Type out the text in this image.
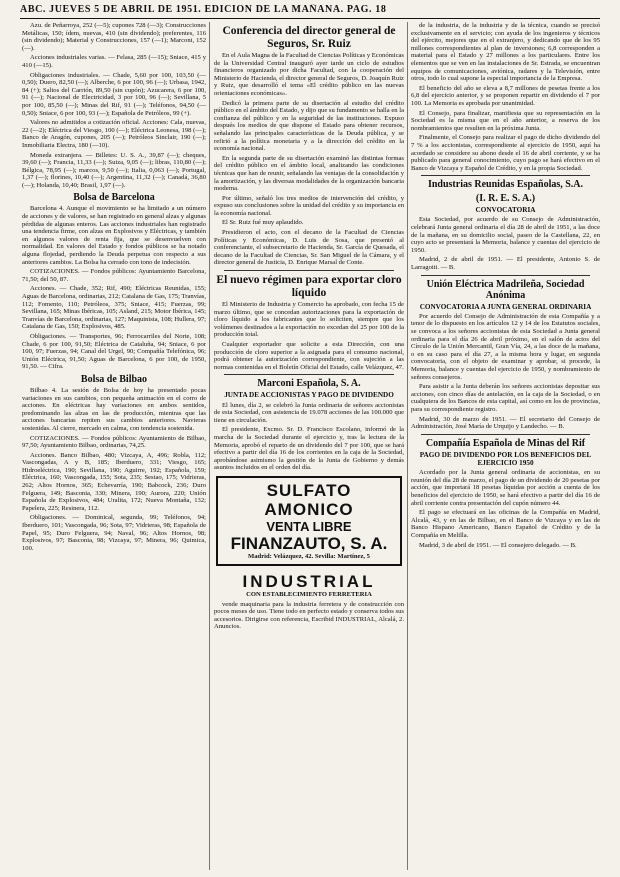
ABC. JUEVES 5 DE ABRIL DE 1951. EDICION DE LA MAÑANA. PAG. 18

Azu. de Peñarroya, 252 (—5); cupones 728 (—3); Construcciones Metálicas, 150; ídem, nuevas, 410 (sin dividendo); preferentes, 116 (sin dividendo); Material y Construcciones, 157 (—1); Marconi, 152 (—).

Acciones industriales varias. — Felasa, 285 (—15); Sniace, 415 y 410 (—15).

Obligaciones industriales. — Chade, 5,60 por 100, 103,50 (—0,50); Duero, 82,50 (—); Alberche, 6 por 100, 96 (—); Urbasa, 1942, 84 (+); Saltos del Carrión, 89,50 (sin cupón); Azucarera, 6 por 100, 91 (—); Nacional de Electricidad, 3 por 100, 96 (—); Sevillana, 5 por 100, 85,50 (—); Minas del Rif, 91 (—); Teléfonos, 94,50 (—0,50); Sniace, 6 por 100, 93 (—); Española de Petróleos, 99 (+).

Valores no admitidos a cotización oficial. Acciones: Cala, nuevas, 22 (—2); Eléctrica del Viesgo, 100 (—); Eléctrica Leonesa, 198 (—); Banco de Aragón, cupones, 205 (—); Petróleos Sinclair, 190 (—); Inmobiliaria Electra, 180 (—10).

Moneda extranjera. — Billetes: U. S. A., 39,87 (—); cheques, 39,60 (—); Francia, 11,33 (—); Suiza, 9,05 (—); libras, 110,80 (—); Bélgica, 78,95 (—); marcos, 9,50 (—); Italia, 0,063 (—); Portugal, 1,37 (—); florines, 10,40 (—); Argentina, 11,32 (—); Canadá, 36,80 (—); Holanda, 10,40; Brasil, 1,97 (—).

Bolsa de Barcelona

Barcelona 4. Aunque el movimiento se ha limitado a un número de acciones y de valores, se han registrado en general alzas y algunas pérdidas de algunas enteros. Las acciones industriales han registrado una tendencia firme, con alzas en Explosivos y Eléctricas, y también en algunos valores de renta fija, que se desenvuelven con normalidad. En valores del Estado y fondos públicos se ha notado alguna flojedad, perdiendo la Deuda perpetua con respecto a sus anteriores cambios. La Bolsa ha cerrado con tono de indecisión.

COTIZACIONES. — Fondos públicos: Ayuntamiento Barcelona, 71,50; del 50, 87.

Acciones. — Chade, 352; Rif, 490; Eléctricas Reunidas, 155; Aguas de Barcelona, ordinarias, 212; Catalana de Gas, 175; Tranvías, 112; Fomento, 110; Petróleos, 375; Sniace, 415; Fuerzas, 99; Sevillana, 165; Minas Ibéricas, 105; Asland, 215; Motor Ibérica, 145; Tranvías de Barcelona, ordinarias, 127; Maquinista, 108; Hullera, 97; Catalana de Gas, 150; Explosivos, 485.

Obligaciones. — Transportes, 96; Ferrocarriles del Norte, 108; Chade, 6 por 100, 91,50; Eléctrica de Cataluña, 94; Sniace, 6 por 100, 97; Fuerzas, 94; Canal del Urgel, 90; Compañía Telefónica, 96; Unión Eléctrica, 91,50; Aguas de Barcelona, 6 por 100, de 1950, 91,50. — Cifra.

Bolsa de Bilbao

Bilbao 4. La sesión de Bolsa de hoy ha presentado pocas variaciones en sus cambios, con pequeña animación en el corro de acciones. En eléctricas hay variaciones en ambos sentidos, predominando las alzas en las de producción, mientras que las acciones bancarias repiten sus cambios anteriores. Navieras sostenidas. Al cierre, mercado en calma, con tendencia sostenida.

COTIZACIONES. — Fondos públicos: Ayuntamiento de Bilbao, 97,50; Ayuntamiento Bilbao, ordinarias, 74,25.

Acciones. Banco Bilbao, 480; Vizcaya, A, 496; Robla, 112; Vascongadas, A y B, 185; Iberduero, 331; Viesgo, 165; Hidroeléctrica, 190; Sevillana, 190; Aguirre, 192; Española, 159; Eléctrica, 160; Vascongada, 155; Sota, 235; Sestao, 175; Vidrieras, 262; Altos Hornos, 365; Echevarría, 190; Babcock, 236; Duro Felguera, 149; Basconia, 330; Minera, 190; Aurora, 220; Unión Española de Explosivos, 484; Uralita, 172; Nueva Montaña, 132; Papelera, 225; Resinera, 112.

Obligaciones. — Dominical, segunda, 99; Teléfonos, 94; Iberduero, 101; Vascongada, 96; Sota, 97; Vidrieras, 98; Española de Papel, 95; Duro Felguera, 94; Naval, 96; Altos Hornos, 98; Explosivos, 97; Basconia, 98; Vizcaya, 97; Minera, 96; Quimica, 100.

Conferencia del director general de Seguros, Sr. Ruiz

En el Aula Magna de la Facultad de Ciencias Políticas y Económicas de la Universidad Central inauguró ayer tarde un ciclo de estudios financieros organizado por dicha Facultad, con la cooperación del Ministerio de Hacienda, el director general de Seguros, D. Joaquín Ruiz y Ruiz, que desarrolló el tema «El crédito público en las nuevas orientaciones económicas».

Dedicó la primera parte de su disertación al estudio del crédito público en el ámbito del Estado, y dijo que su fundamento se halla en la confianza del público y en la seguridad de las instituciones. Expuso después los medios de que dispone el Estado para obtener recursos, señalando las principales características de la Deuda pública, y se refirió a la política monetaria y a la dirección del crédito en la economía nacional.

En la segunda parte de su disertación examinó las distintas formas del crédito público en el ámbito local, analizando las condiciones técnicas que han de reunir, señalando las ventajas de la consolidación y la amortización, y las diversas modalidades de la organización bancaria moderna.

Por último, señaló los tres medios de intervención del crédito, y expuso sus conclusiones sobre la unidad del crédito y su importancia en la economía nacional.

El Sr. Ruiz fué muy aplaudido.

Presidieron el acto, con el decano de la Facultad de Ciencias Políticas y Económicas, D. Luis de Sosa, que presentó al conferenciante, el subsecretario de Hacienda, Sr. García de Quesada, el decano de la Facultad de Ciencias, Sr. San Miguel de la Cámara, y el director general de Justicia, D. Enrique Marsal de Conte.

El nuevo régimen para exportar cloro líquido

El Ministerio de Industria y Comercio ha aprobado, con fecha 15 de marzo último, que se concedan autorizaciones para la exportación de cloro líquido a los fabricantes que lo soliciten, siempre que los volúmenes destinados a la exportación no excedan del 25 por 100 de la producción total.

Cualquier exportador que solicite a esta Dirección, con una producción de cloro superior a la asignada para el consumo nacional, podrá obtener la autorización correspondiente, con sujeción a las normas contenidas en el Boletín Oficial del Estado, calle Velázquez, 47.

Marconi Española, S. A.
JUNTA DE ACCIONISTAS Y PAGO DE DIVIDENDO

El lunes, día 2, se celebró la Junta ordinaria de señores accionistas de esta Sociedad, con asistencia de 19.078 acciones de las 100.000 que tiene en circulación.

El presidente, Excmo. Sr. D. Francisco Escolano, informó de la marcha de la Sociedad durante el ejercicio y, tras la lectura de la Memoria, aprobó el reparto de un dividendo del 7 por 100, que se hará efectivo a partir del día 16 de los corrientes en la caja de la Sociedad, aprobándose asimismo la gestión de la Junta de Gobierno y demás asuntos incluidos en el orden del día.

SULFATO AMONICO
VENTA LIBRE
FINANZAUTO, S. A.
Madrid: Velázquez, 42. Sevilla: Martínez, 5
INDUSTRIAL
CON ESTABLECIMIENTO FERRETERIA

vende maquinaria para la industria ferretera y de construcción con pocos meses de uso. Tiene todo en perfecto estado y conserva todos sus accesorios. Dirigirse con referencia, Escribid INDUSTRIAL, Alcalá, 2. Anuncios.

de la industria, de la industria y de la técnica, cuando se precisó exclusivamente en el servicio; con ayuda de los ingenieros y técnicos del ejército, mejores que en el extranjero, y dedicando que de los 95 millones correspondientes al plan de inversiones; 6,8 corresponden a material para el Estado y 27 millones a los particulares. Entre los elementos que se ven en las instalaciones de Sr. Estrada, se encuentran equipos de comunicaciones, aviónica, radares y la Televisión, entre otros, todo lo cual supone la especial importancia de la Empresa.

El beneficio del año se eleva a 8,7 millones de pesetas frente a los 6,8 del ejercicio anterior, y se proponen repartir en dividendo el 7 por 100. La Memoria es aprobada por unanimidad.

El Consejo, para finalizar, manifiesta que su representación en la Sociedad es la misma que en el año anterior, a reserva de los nombramientos que resulten en la próxima Junta.

Finalmente, el Consejo para realizar el pago de dicho dividendo del 7 % a los accionistas, correspondiente al ejercicio de 1950, aquí ha acordado se considere su abono desde el 16 de abril corriente, y se ha publicado para general conocimiento, cuyo pago se hará efectivo en el Banco de Vizcaya y Español de Crédito, y en la propia Sociedad.

Industrias Reunidas Españolas, S.A.
(I. R. E. S. A.)
CONVOCATORIA

Esta Sociedad, por acuerdo de su Consejo de Administración, celebrará Junta general ordinaria el día 28 de abril de 1951, a las doce de la mañana, en su domicilio social, paseo de la Castellana, 22, en cuyo acto se presentará la Memoria, balance y cuentas del ejercicio de 1950.

Madrid, 2 de abril de 1951. — El presidente, Antonio S. de Larragoiti. — B.

Unión Eléctrica Madrileña, Sociedad Anónima
CONVOCATORIA A JUNTA GENERAL ORDINARIA

Por acuerdo del Consejo de Administración de esta Compañía y a tenor de lo dispuesto en los artículos 12 y 14 de los Estatutos sociales, se convoca a los señores accionistas de esta Sociedad a Junta general ordinaria para el día 26 de abril próximo, en el salón de actos del Círculo de la Unión Mercantil, Gran Vía, 24, a las doce de la mañana, o en su caso para el día 27, a la misma hora y lugar, en segunda convocatoria, con el objeto de examinar y aprobar, si procede, la Memoria, balance y cuentas del ejercicio de 1950, y nombramiento de señores consejeros.

Para asistir a la Junta deberán los señores accionistas depositar sus acciones, con cinco días de antelación, en la caja de la Sociedad, o en cualquiera de los Bancos de esta capital, así como en los de provincias, para su correspondiente registro.

Madrid, 30 de marzo de 1951. — El secretario del Consejo de Administración, José María de Urquijo y Landecho. — B.

Compañía Española de Minas del Rif
PAGO DE DIVIDENDO POR LOS BENEFICIOS DEL EJERCICIO 1950

Acordado por la Junta general ordinaria de accionistas, en su reunión del día 28 de marzo, el pago de un dividendo de 20 pesetas por acción, que importará 18 pesetas líquidas por acción a cuenta de los beneficios del ejercicio de 1950, se hará efectivo a partir del día 16 de abril corriente contra presentación del cupón número 44.

El pago se efectuará en las oficinas de la Compañía en Madrid, Alcalá, 43, y en las de Bilbao, en el Banco de Vizcaya y en las de Banco Hispano Americano, Banco Español de Crédito y de la Compañía en Melilla.

Madrid, 3 de abril de 1951. — El consejero delegado. — B.
